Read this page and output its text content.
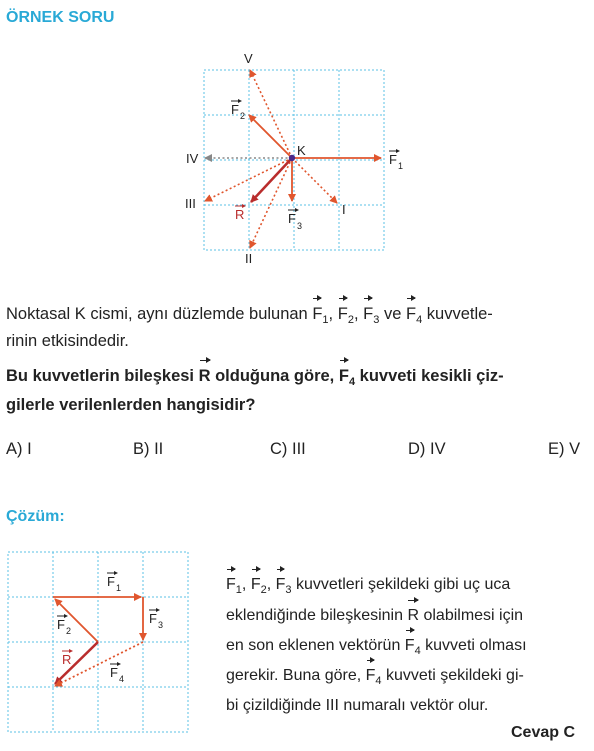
ÖRNEK SORU
V
IV
III
II
I
K
F 1
F 2
F 3
R
Noktasal K cismi, aynı düzlemde bulunan $F_1$, $F_2$, $F_3$ ve $F_4$ kuvvetle-
rinin etkisindedir.
Bu kuvvetlerin bileşkesi R olduğuna göre, $F_4$ kuvveti kesikli çiz-
gilerle verilenlerden hangisidir?
A) I	B) II	C) III	D) IV	E) V
Çözüm:
F 1
F 3
F 2
R
F 4
$F_1$, $F_2$, $F_3$ kuvvetleri şekildeki gibi uç uca
eklendiğinde bileşkesinin R olabilmesi için
en son eklenen vektörün $F_4$ kuvveti olması
gerekir. Buna göre, $F_4$ kuvveti şekildeki gi-
bi çizildiğinde III numaralı vektör olur.
Cevap C
